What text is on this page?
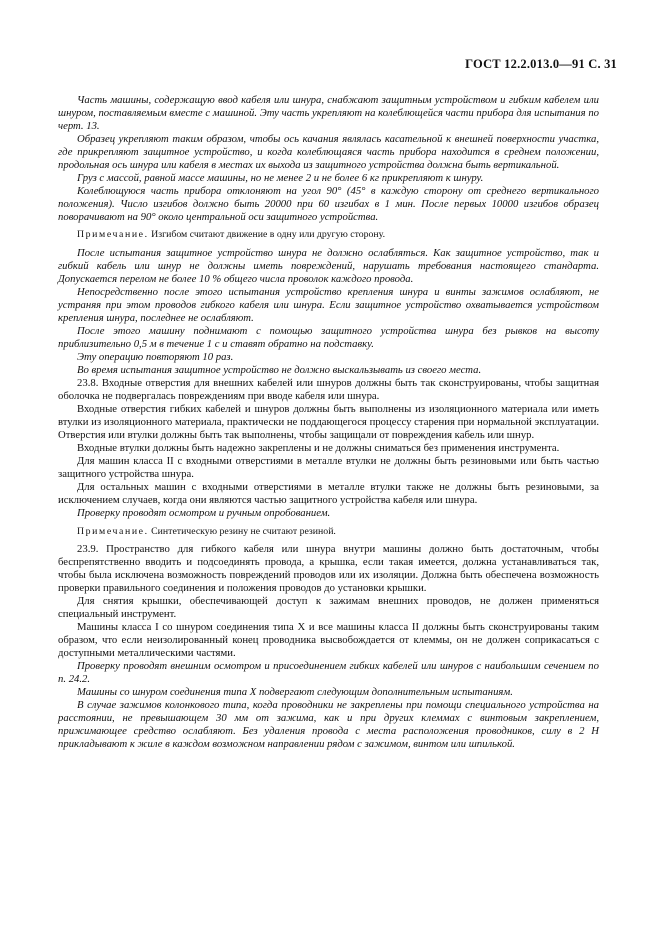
ГОСТ 12.2.013.0—91 С. 31

Часть машины, содержащую ввод кабеля или шнура, снабжают защитным устройством и гибким кабелем или шнуром, поставляемым вместе с машиной. Эту часть укрепляют на колеблющейся части прибора для испытания по черт. 13.

Образец укрепляют таким образом, чтобы ось качания являлась касательной к внешней поверхности участка, где прикрепляют защитное устройство, и когда колеблющаяся часть прибора находится в среднем положении, продольная ось шнура или кабеля в местах их выхода из защитного устройства должна быть вертикальной.

Груз с массой, равной массе машины, но не менее 2 и не более 6 кг прикрепляют к шнуру.

Колеблющуюся часть прибора отклоняют на угол 90° (45° в каждую сторону от среднего вертикального положения). Число изгибов должно быть 20000 при 60 изгибах в 1 мин. После первых 10000 изгибов образец поворачивают на 90° около центральной оси защитного устройства.

Примечание. Изгибом считают движение в одну или другую сторону.

После испытания защитное устройство шнура не должно ослабляться. Как защитное устройство, так и гибкий кабель или шнур не должны иметь повреждений, нарушать требования настоящего стандарта. Допускается перелом не более 10 % общего числа проволок каждого провода.

Непосредственно после этого испытания устройство крепления шнура и винты зажимов ослабляют, не устраняя при этом проводов гибкого кабеля или шнура. Если защитное устройство охватывается устройством крепления шнура, последнее не ослабляют.

После этого машину поднимают с помощью защитного устройства шнура без рывков на высоту приблизительно 0,5 м в течение 1 с и ставят обратно на подставку.

Эту операцию повторяют 10 раз.

Во время испытания защитное устройство не должно выскальзывать из своего места.

23.8. Входные отверстия для внешних кабелей или шнуров должны быть так сконструированы, чтобы защитная оболочка не подвергалась повреждениям при вводе кабеля или шнура.

Входные отверстия гибких кабелей и шнуров должны быть выполнены из изоляционного материала или иметь втулки из изоляционного материала, практически не поддающегося процессу старения при нормальной эксплуатации. Отверстия или втулки должны быть так выполнены, чтобы защищали от повреждения кабель или шнур.

Входные втулки должны быть надежно закреплены и не должны сниматься без применения инструмента.

Для машин класса II с входными отверстиями в металле втулки не должны быть резиновыми или быть частью защитного устройства шнура.

Для остальных машин с входными отверстиями в металле втулки также не должны быть резиновыми, за исключением случаев, когда они являются частью защитного устройства кабеля или шнура.

Проверку проводят осмотром и ручным опробованием.

Примечание. Синтетическую резину не считают резиной.

23.9. Пространство для гибкого кабеля или шнура внутри машины должно быть достаточным, чтобы беспрепятственно вводить и подсоединять провода, а крышка, если такая имеется, должна устанавливаться так, чтобы была исключена возможность повреждений проводов или их изоляции. Должна быть обеспечена возможность проверки правильного соединения и положения проводов до установки крышки.

Для снятия крышки, обеспечивающей доступ к зажимам внешних проводов, не должен применяться специальный инструмент.

Машины класса I со шнуром соединения типа X и все машины класса II должны быть сконструированы таким образом, что если неизолированный конец проводника высвобождается от клеммы, он не должен соприкасаться с доступными металлическими частями.

Проверку проводят внешним осмотром и присоединением гибких кабелей или шнуров с наибольшим сечением по п. 24.2.

Машины со шнуром соединения типа X подвергают следующим дополнительным испытаниям.

В случае зажимов колонкового типа, когда проводники не закреплены при помощи специального устройства на расстоянии, не превышающем 30 мм от зажима, как и при других клеммах с винтовым закреплением, прижимающее средство ослабляют. Без удаления провода с места расположения проводников, силу в 2 Н прикладывают к жиле в каждом возможном направлении рядом с зажимом, винтом или шпилькой.
